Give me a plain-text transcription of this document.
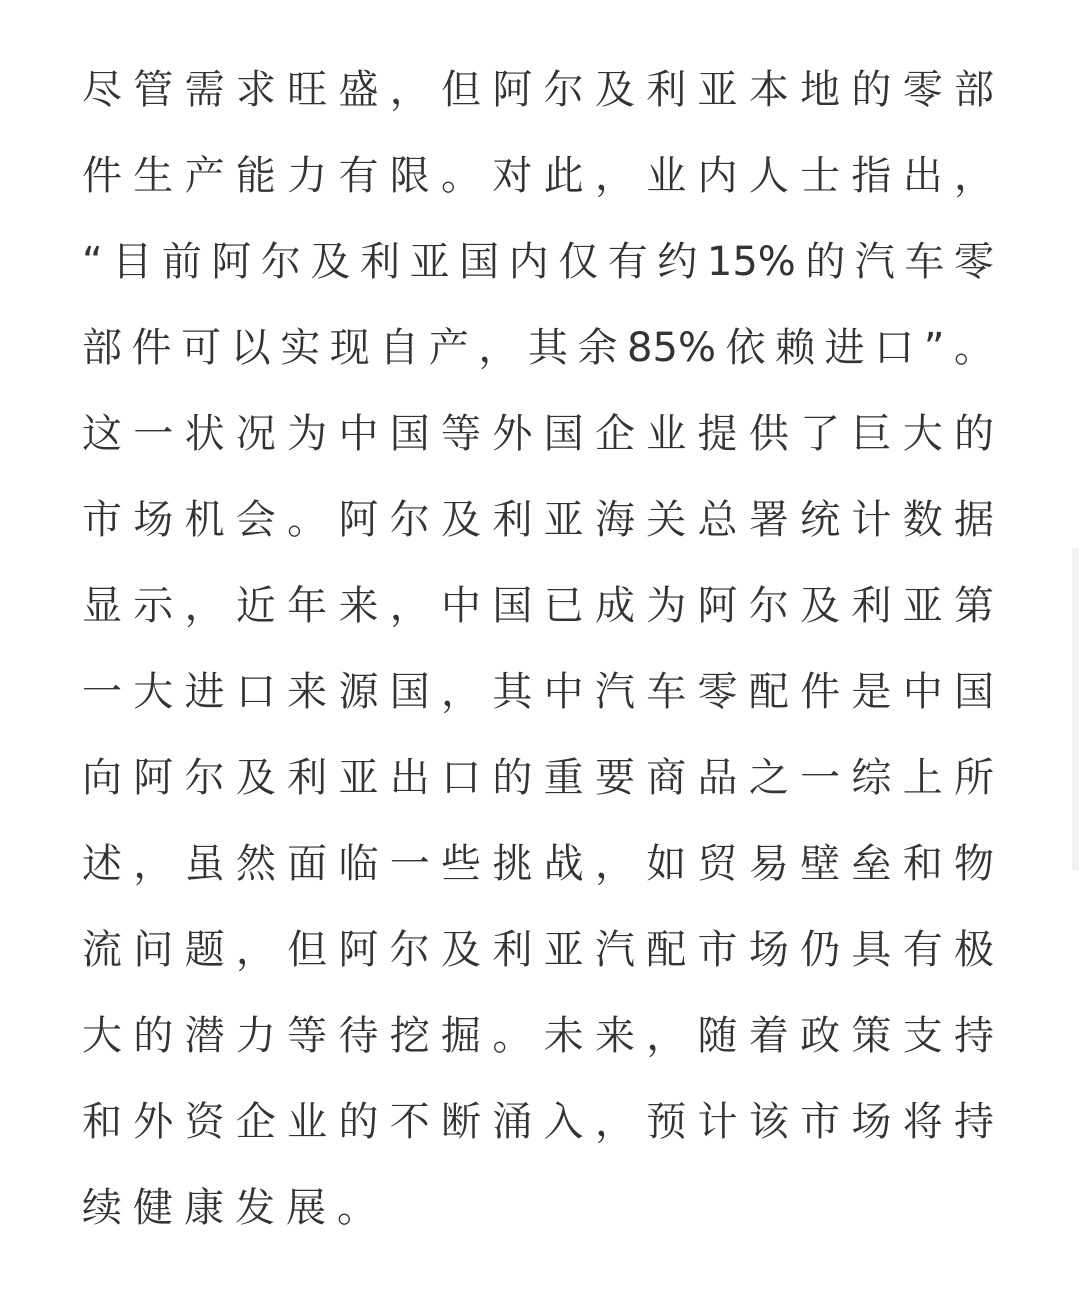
尽管需求旺盛，但阿尔及利亚本地的零部
件生产能力有限。对此，业内人士指出，
“目前阿尔及利亚国内仅有约15%的汽车零
部件可以实现自产，其余85%依赖进口”。
这一状况为中国等外国企业提供了巨大的
市场机会。阿尔及利亚海关总署统计数据
显示，近年来，中国已成为阿尔及利亚第
一大进口来源国，其中汽车零配件是中国
向阿尔及利亚出口的重要商品之一综上所
述，虽然面临一些挑战，如贸易壁垒和物
流问题，但阿尔及利亚汽配市场仍具有极
大的潜力等待挖掘。未来，随着政策支持
和外资企业的不断涌入，预计该市场将持
续健康发展。
